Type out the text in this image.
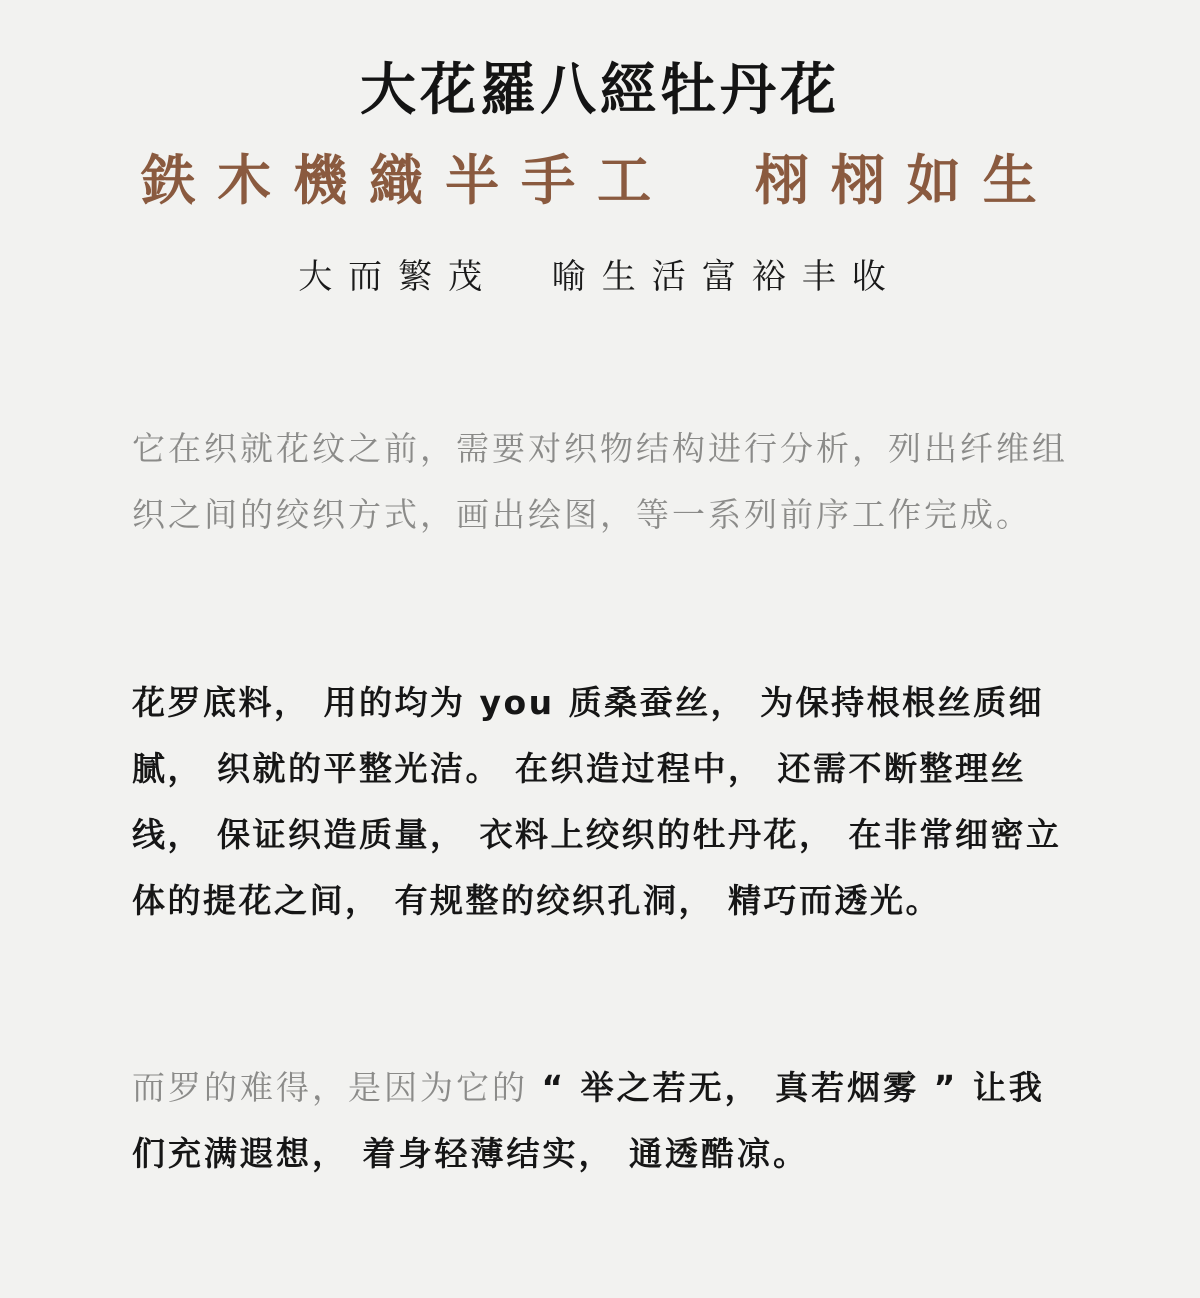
大花羅八經牡丹花
鉄木機織半手工  栩栩如生
大而繁茂  喻生活富裕丰收

它在织就花纹之前，需要对织物结构进行分析，列出纤维组织之间的绞织方式，画出绘图，等一系列前序工作完成。

花罗底料， 用的均为 you 质桑蚕丝， 为保持根根丝质细腻， 织就的平整光洁。 在织造过程中， 还需不断整理丝线， 保证织造质量， 衣料上绞织的牡丹花， 在非常细密立体的提花之间， 有规整的绞织孔洞， 精巧而透光。

而罗的难得，是因为它的 “ 举之若无， 真若烟雾 ” 让我们充满遐想， 着身轻薄结实， 通透酷凉。
